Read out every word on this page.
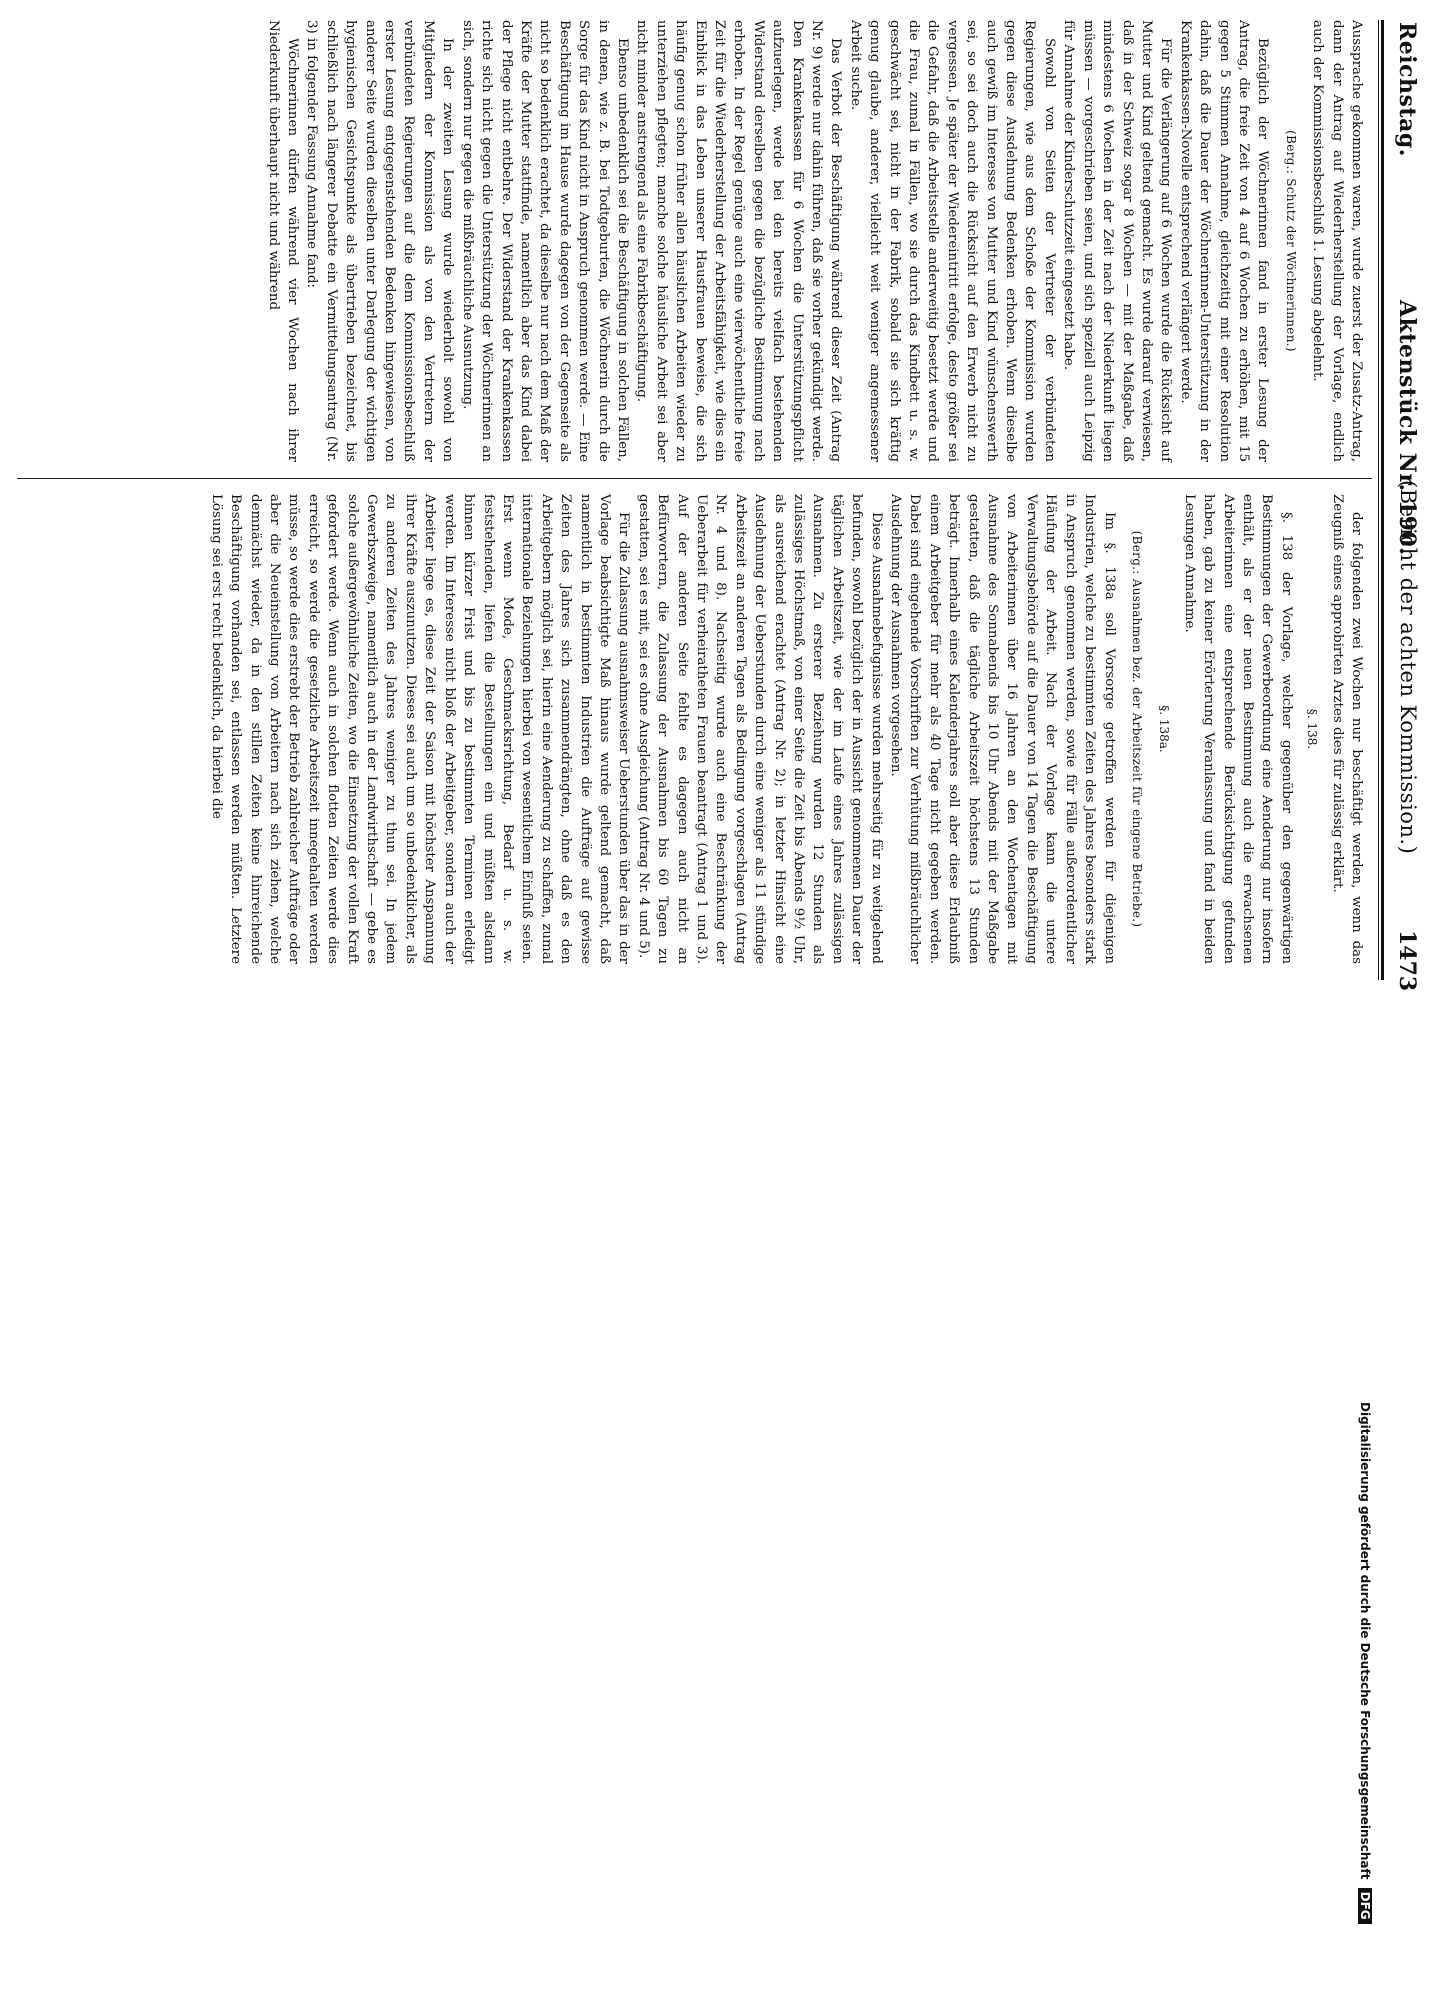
Reichstag.
Aktenstück Nr. 190.
(Bericht der achten Kommission.)
1473

Aussprache gekommen waren, wurde zuerst der Zusatz-Antrag, dann der Antrag auf Wiederherstellung der Vorlage, endlich auch der Kommissionsbeschluß 1. Lesung abgelehnt.

(Berg.: Schutz der Wöchnerinnen.)

Bezüglich der Wöchnerinnen fand in erster Lesung der Antrag, die freie Zeit von 4 auf 6 Wochen zu erhöhen, mit 15 gegen 5 Stimmen Annahme, gleichzeitig mit einer Resolution dahin, daß die Dauer der Wöchnerinnen-Unterstützung in der Krankenkassen-Novelle entsprechend verlängert werde.

Für die Verlängerung auf 6 Wochen wurde die Rücksicht auf Mutter und Kind geltend gemacht. Es wurde darauf verwiesen, daß in der Schweiz sogar 8 Wochen — mit der Maßgabe, daß mindestens 6 Wochen in der Zeit nach der Niederkunft liegen müssen — vorgeschrieben seien, und sich speziell auch Leipzig für Annahme der Kinderschutzzeit eingesetzt habe.

Sowohl von Seiten der Vertreter der verbündeten Regierungen, wie aus dem Schoße der Kommission wurden gegen diese Ausdehnung Bedenken erhoben. Wenn dieselbe auch gewiß im Interesse von Mutter und Kind wünschenswerth sei, so sei doch auch die Rücksicht auf den Erwerb nicht zu vergessen. Je später der Wiedereintritt erfolge, desto größer sei die Gefahr, daß die Arbeitsstelle anderweitig besetzt werde und die Frau, zumal in Fällen, wo sie durch das Kindbett u. s. w. geschwächt sei, nicht in der Fabrik, sobald sie sich kräftig genug glaube, anderer, vielleicht weit weniger angemessener Arbeit suche.

Das Verbot der Beschäftigung während dieser Zeit (Antrag Nr. 9) werde nur dahin führen, daß sie vorher gekündigt werde. Den Krankenkassen für 6 Wochen die Unterstützungspflicht aufzuerlegen, werde bei den bereits vielfach bestehenden Widerstand derselben gegen die bezügliche Bestimmung nach erhoben. In der Regel genüge auch eine vierwöchentliche freie Zeit für die Wiederherstellung der Arbeitsfähigkeit, wie dies ein Einblick in das Leben unserer Hausfrauen beweise, die sich häufig genug schon früher allen häuslichen Arbeiten wieder zu unterziehen pflegten; manche solche häusliche Arbeit sei aber nicht minder anstrengend als eine Fabrikbeschäftigung.

Ebenso unbedenklich sei die Beschäftigung in solchen Fällen, in denen, wie z. B. bei Todtgeburten, die Wöchnerin durch die Sorge für das Kind nicht in Anspruch genommen werde. — Eine Beschäftigung im Hause wurde dagegen von der Gegenseite als nicht so bedenklich erachtet, da dieselbe nur nach dem Maß der Kräfte der Mutter stattfinde, namentlich aber das Kind dabei der Pflege nicht entbehre. Der Widerstand der Krankenkassen richte sich nicht gegen die Unterstützung der Wöchnerinnen an sich, sondern nur gegen die mißbräuchliche Ausnutzung.

In der zweiten Lesung wurde wiederholt sowohl von Mitgliedern der Kommission als von den Vertretern der verbündeten Regierungen auf die dem Kommissionsbeschluß erster Lesung entgegenstehenden Bedenken hingewiesen, von anderer Seite wurden dieselben unter Darlegung der wichtigen hygienischen Gesichtspunkte als übertrieben bezeichnet, bis schließlich nach längerer Debatte ein Vermittelungsantrag (Nr. 3) in folgender Fassung Annahme fand:

Wöchnerinnen dürfen während vier Wochen nach ihrer Niederkunft überhaupt nicht und während

der folgenden zwei Wochen nur beschäftigt werden, wenn das Zeugniß eines approbirten Arztes dies für zulässig erklärt.

§. 138.

§. 138 der Vorlage, welcher gegenüber den gegenwärtigen Bestimmungen der Gewerbeordnung eine Aenderung nur insofern enthält, als er der neuen Bestimmung auch die erwachsenen Arbeiterinnen eine entsprechende Berücksichtigung gefunden haben, gab zu keiner Erörterung Veranlassung und fand in beiden Lesungen Annahme.

§. 138a.

(Berg.: Ausnahmen bez. der Arbeitszeit für eingene Betriebe.)

Im §. 138a soll Vorsorge getroffen werden für diejenigen Industrien, welche zu bestimmten Zeiten des Jahres besonders stark in Anspruch genommen werden, sowie für Fälle außerordentlicher Häufung der Arbeit. Nach der Vorlage kann die untere Verwaltungsbehörde auf die Dauer von 14 Tagen die Beschäftigung von Arbeiterinnen über 16 Jahren an den Wochentagen mit Ausnahme des Sonnabends bis 10 Uhr Abends mit der Maßgabe gestatten, daß die tägliche Arbeitszeit höchstens 13 Stunden beträgt. Innerhalb eines Kalenderjahres soll aber diese Erlaubniß einem Arbeitgeber für mehr als 40 Tage nicht gegeben werden. Dabei sind eingehende Vorschriften zur Verhütung mißbräuchlicher Ausdehnung der Ausnahmen vorgesehen.

Diese Ausnahmebefugnisse wurden mehrseitig für zu weitgehend befunden, sowohl bezüglich der in Aussicht genommenen Dauer der täglichen Arbeitszeit, wie der im Laufe eines Jahres zulässigen Ausnahmen. Zu ersterer Beziehung wurden 12 Stunden als zulässiges Höchstmaß, von einer Seite die Zeit bis Abends 9½ Uhr, als ausreichend erachtet (Antrag Nr. 2); in letzter Hinsicht eine Ausdehnung der Ueberstunden durch eine weniger als 11 stündige Arbeitszeit an anderen Tagen als Bedingung vorgeschlagen (Antrag Nr. 4 und 8). Nachseitig wurde auch eine Beschränkung der Ueberarbeit für verheiratheten Frauen beantragt (Antrag 1 und 3). Auf der anderen Seite fehlte es dagegen auch nicht an Befürwortern, die Zulassung der Ausnahmen bis 60 Tagen zu gestatten, sei es mit, sei es ohne Ausgleichung (Antrag Nr. 4 und 5).

Für die Zulassung ausnahmsweiser Ueberstunden über das in der Vorlage beabsichtigte Maß hinaus wurde geltend gemacht, daß namentlich in bestimmten Industrien die Aufträge auf gewisse Zeiten des Jahres sich zusammendrängten, ohne daß es den Arbeitgebern möglich sei, hierin eine Aenderung zu schaffen, zumal internationale Beziehungen hierbei von wesentlichem Einfluß seien. Erst wenn Mode, Geschmacksrichtung, Bedarf u. s. w. feststehenden, liefen die Bestellungen ein und müßten alsdann binnen kürzer Frist und bis zu bestimmten Terminen erledigt werden. Im Interesse nicht bloß der Arbeitgeber, sondern auch der Arbeiter liege es, diese Zeit der Saison mit höchster Anspannung ihrer Kräfte auszunutzen. Dieses sei auch um so unbedenklicher, als zu anderen Zeiten des Jahres weniger zu thun sei. In jedem Gewerbszweige, namentlich auch in der Landwirthschaft — gebe es solche außergewöhnliche Zeiten, wo die Einsetzung der vollen Kraft gefordert werde. Wenn auch in solchen flotten Zeiten werde dies erreicht, so werde die gesetzliche Arbeitszeit innegehalten werden müsse, so werde dies erstrebt der Betrieb zahlreicher Aufträge oder aber die Neueinstellung von Arbeitern nach sich ziehen, welche demnächst wieder, da in den stillen Zeiten keine hinreichende Beschäftigung vorhanden sei, entlassen werden müßten. Letztere Lösung sei erst recht bedenklich, da hierbei die

Digitalisierung gefördert durch die Deutsche Forschungsgemeinschaft DFG
